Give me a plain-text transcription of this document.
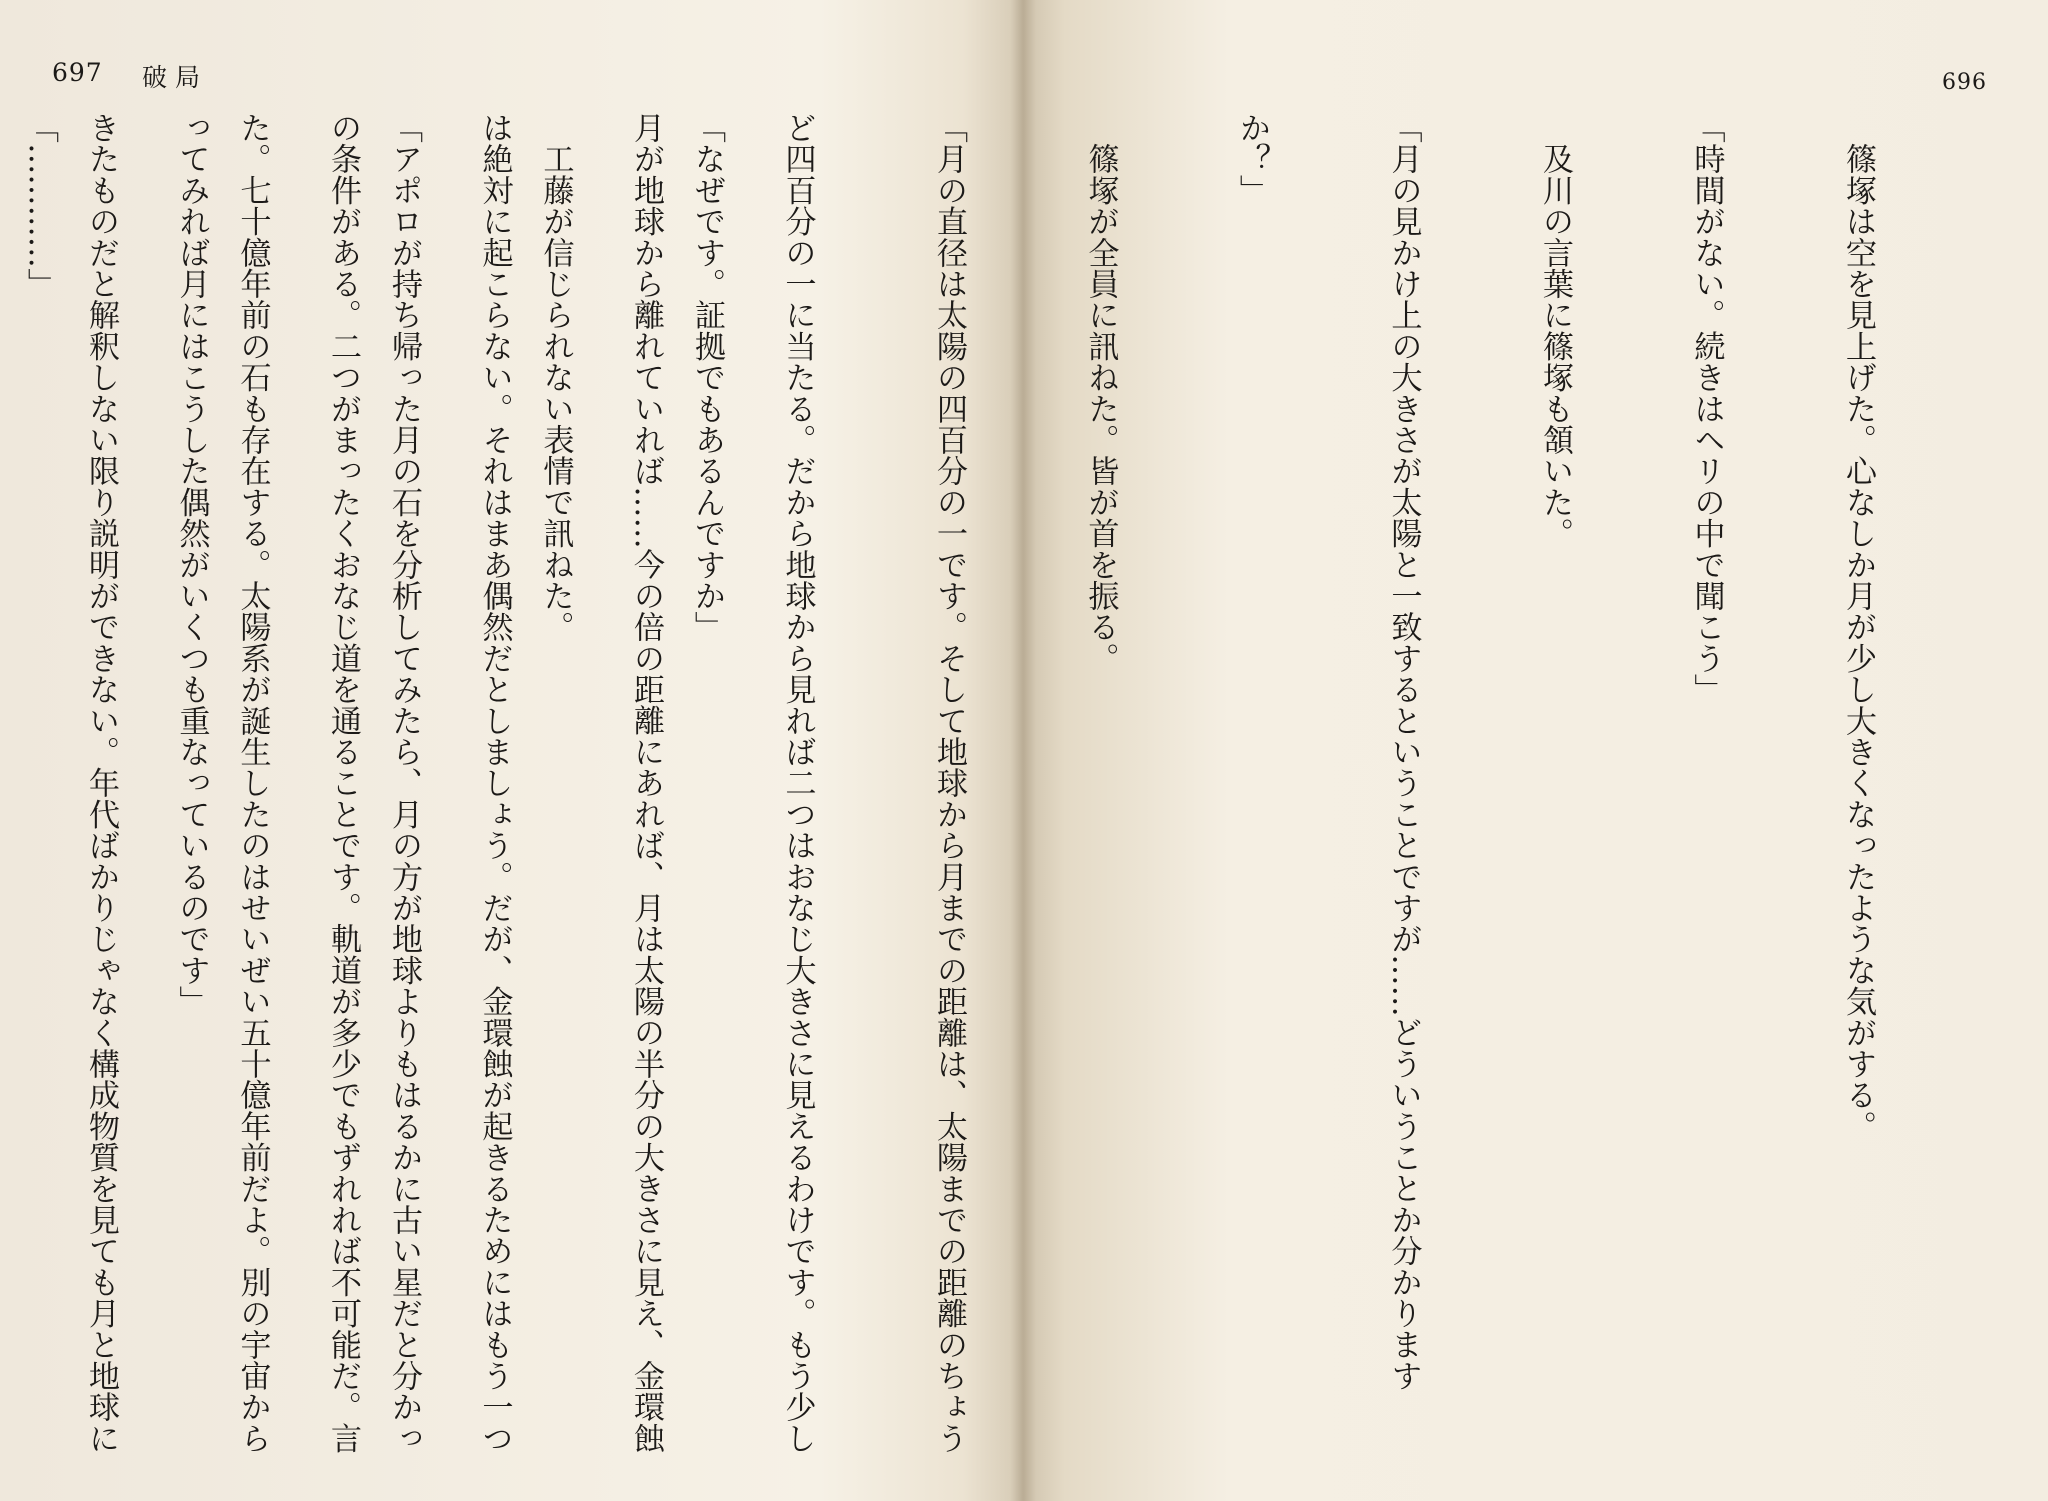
697 破局

「なぜです。証拠でもあるんですか」

　工藤が信じられない表情で訊ねた。

「アポロが持ち帰った月の石を分析してみたら、月の方が地球よりもはるかに古い星だと分かっ

た。七十億年前の石も存在する。太陽系が誕生したのはせいぜい五十億年前だよ。別の宇宙から

きたものだと解釈しない限り説明ができない。年代ばかりじゃなく構成物質を見ても月と地球に

696

　篠塚は空を見上げた。心なしか月が少し大きくなったような気がする。

「時間がない。続きはヘリの中で聞こう」

　及川の言葉に篠塚も頷いた。

「月の見かけ上の大きさが太陽と一致するということですが……どういうことか分かります

か？」

　篠塚が全員に訊ねた。皆が首を振る。

「月の直径は太陽の四百分の一です。そして地球から月までの距離は、太陽までの距離のちょう

ど四百分の一に当たる。だから地球から見れば二つはおなじ大きさに見えるわけです。もう少し

月が地球から離れていれば……今の倍の距離にあれば、月は太陽の半分の大きさに見え、金環蝕

は絶対に起こらない。それはまあ偶然だとしましょう。だが、金環蝕が起きるためにはもう一つ

の条件がある。二つがまったくおなじ道を通ることです。軌道が多少でもずれれば不可能だ。言

ってみれば月にはこうした偶然がいくつも重なっているのです」

「…………」
